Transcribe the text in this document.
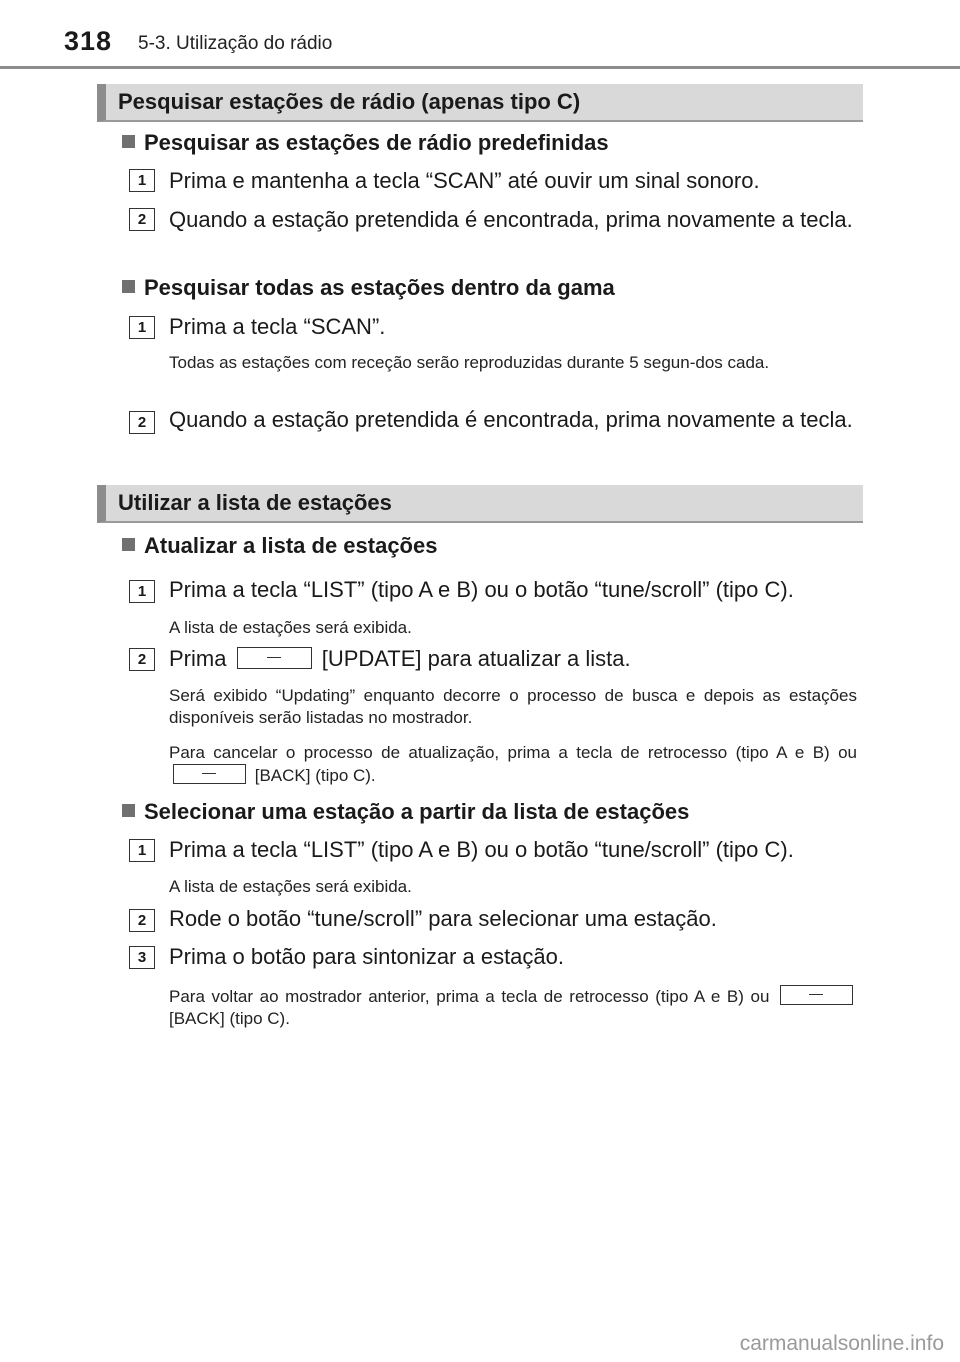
318 5-3. Utilização do rádio
Pesquisar estações de rádio (apenas tipo C)
Pesquisar as estações de rádio predefinidas
1	Prima e mantenha a tecla “SCAN” até ouvir um sinal sonoro.
2	Quando a estação pretendida é encontrada, prima novamente a tecla.
Pesquisar todas as estações dentro da gama
1	Prima a tecla “SCAN”.
Todas as estações com receção serão reproduzidas durante 5 segun-dos cada.
2	Quando a estação pretendida é encontrada, prima novamente a tecla.
Utilizar a lista de estações
Atualizar a lista de estações
1	Prima a tecla “LIST” (tipo A e B) ou o botão “tune/scroll” (tipo C).
A lista de estações será exibida.
2	Prima	[UPDATE] para atualizar a lista.
Será exibido “Updating” enquanto decorre o processo de busca e depois as estações disponíveis serão listadas no mostrador.
Para cancelar o processo de atualização, prima a tecla de retrocesso (tipo A e B) ou  [BACK] (tipo C).
Selecionar uma estação a partir da lista de estações
1	Prima a tecla “LIST” (tipo A e B) ou o botão “tune/scroll” (tipo C).
A lista de estações será exibida.
2	Rode o botão “tune/scroll” para selecionar uma estação.
3	Prima o botão para sintonizar a estação.
Para voltar ao mostrador anterior, prima a tecla de retrocesso (tipo A e B) ou  [BACK] (tipo C).
carmanualsonline.info
